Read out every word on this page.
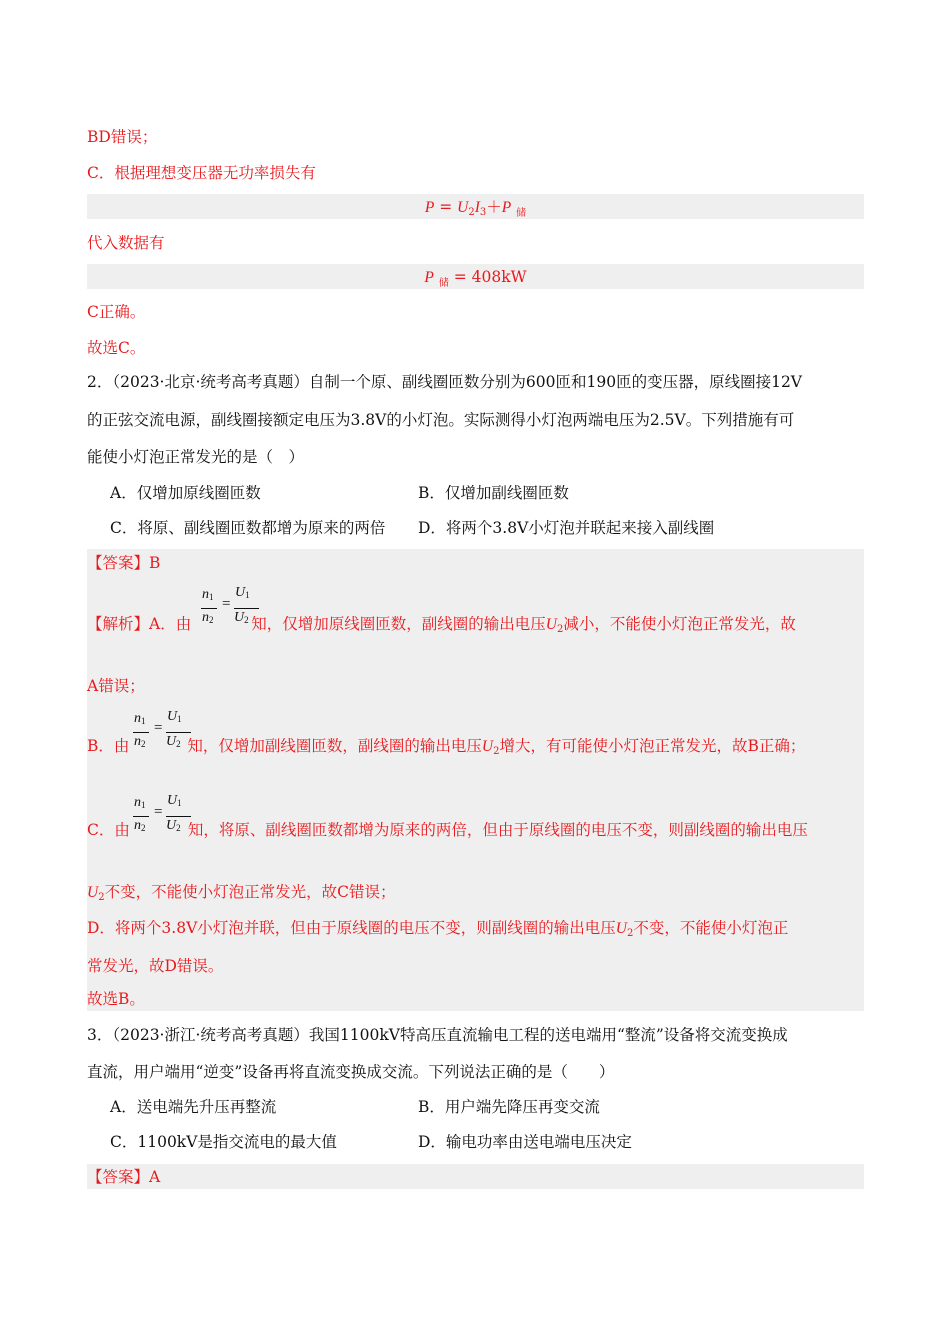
BD错误；
C．根据理想变压器无功率损失有
$P = U_2I_3+P$ $_储$
代入数据有
P $_储$ = 408kW
C正确。
故选C。
2．（2023·北京·统考高考真题）自制一个原、副线圈匝数分别为600匝和190匝的变压器，原线圈接12V
的正弦交流电源，副线圈接额定电压为3.8V的小灯泡。实际测得小灯泡两端电压为2.5V。下列措施有可
能使小灯泡正常发光的是（　）
A．仅增加原线圈匝数	B．仅增加副线圈匝数
C．将原、副线圈匝数都增为原来的两倍 D．将两个3.8V小灯泡并联起来接入副线圈
【答案】B
【解析】A．由	知，仅增加原线圈匝数，副线圈的输出电压$U_2$减小，不能使小灯泡正常发光，故
$n_1$
$n_2$
=
$U_1$
$U_2$
A错误；
B．由	知，仅增加副线圈匝数，副线圈的输出电压$U_2$增大，有可能使小灯泡正常发光，故B正确；
$n_1$
$n_2$
=
$U_1$
$U_2$
C．由	知，将原、副线圈匝数都增为原来的两倍，但由于原线圈的电压不变，则副线圈的输出电压
$n_1$
$n_2$
=
$U_1$
$U_2$
$U_2$不变，不能使小灯泡正常发光，故C错误；
D．将两个3.8V小灯泡并联，但由于原线圈的电压不变，则副线圈的输出电压$U_2$不变，不能使小灯泡正
常发光，故D错误。
故选B。
3．（2023·浙江·统考高考真题）我国1100kV特高压直流输电工程的送电端用“整流”设备将交流变换成
直流，用户端用“逆变”设备再将直流变换成交流。下列说法正确的是（　　）
A．送电端先升压再整流	B．用户端先降压再变交流
C．1100kV是指交流电的最大值	D．输电功率由送电端电压决定
【答案】A
